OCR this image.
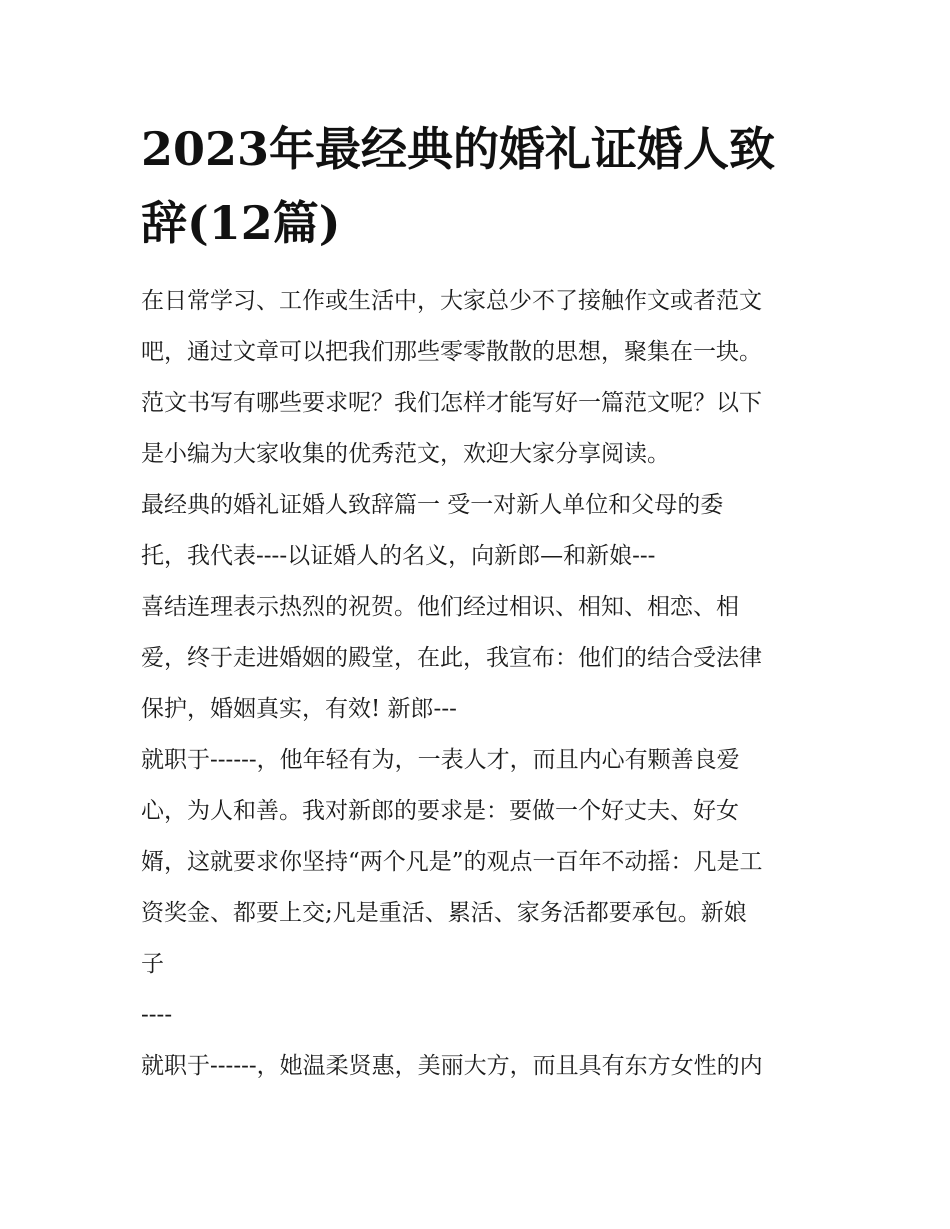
2023年最经典的婚礼证婚人致
辞(12篇)
在日常学习、工作或生活中，大家总少不了接触作文或者范文
吧，通过文章可以把我们那些零零散散的思想，聚集在一块。
范文书写有哪些要求呢？我们怎样才能写好一篇范文呢？以下
是小编为大家收集的优秀范文，欢迎大家分享阅读。
最经典的婚礼证婚人致辞篇一 受一对新人单位和父母的委
托，我代表----以证婚人的名义，向新郎—和新娘---
喜结连理表示热烈的祝贺。他们经过相识、相知、相恋、相
爱，终于走进婚姻的殿堂，在此，我宣布：他们的结合受法律
保护，婚姻真实，有效! 新郎---
就职于------，他年轻有为，一表人才，而且内心有颗善良爱
心，为人和善。我对新郎的要求是：要做一个好丈夫、好女
婿，这就要求你坚持“两个凡是”的观点一百年不动摇：凡是工
资奖金、都要上交;凡是重活、累活、家务活都要承包。新娘
子
----
就职于------，她温柔贤惠，美丽大方，而且具有东方女性的内
